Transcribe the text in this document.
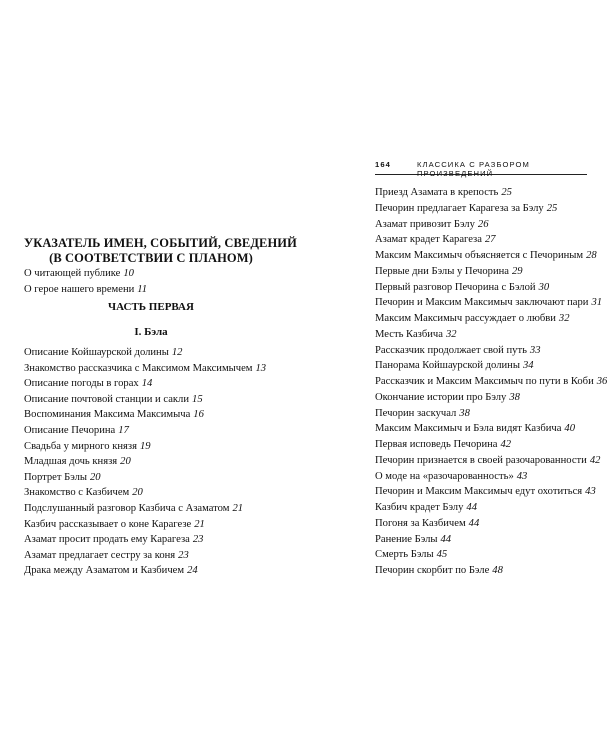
УКАЗАТЕЛЬ ИМЕН, СОБЫТИЙ, СВЕДЕНИЙ
(В СООТВЕТСТВИИ С ПЛАНОМ)
О читающей публике 10
О герое нашего времени 11
ЧАСТЬ ПЕРВАЯ
I. Бэла
Описание Койшаурской долины 12
Знакомство рассказчика с Максимом Максимычем 13
Описание погоды в горах 14
Описание почтовой станции и сакли 15
Воспоминания Максима Максимыча 16
Описание Печорина 17
Свадьба у мирного князя 19
Младшая дочь князя 20
Портрет Бэлы 20
Знакомство с Казбичем 20
Подслушанный разговор Казбича с Азаматом 21
Казбич рассказывает о коне Карагезе 21
Азамат просит продать ему Карагеза 23
Азамат предлагает сестру за коня 23
Драка между Азаматом и Казбичем 24
164	КЛАССИКА С РАЗБОРОМ ПРОИЗВЕДЕНИЙ
Приезд Азамата в крепость 25
Печорин предлагает Карагеза за Бэлу 25
Азамат привозит Бэлу 26
Азамат крадет Карагеза 27
Максим Максимыч объясняется с Печориным 28
Первые дни Бэлы у Печорина 29
Первый разговор Печорина с Бэлой 30
Печорин и Максим Максимыч заключают пари 31
Максим Максимыч рассуждает о любви 32
Месть Казбича 32
Рассказчик продолжает свой путь 33
Панорама Койшаурской долины 34
Рассказчик и Максим Максимыч по пути в Коби 36
Окончание истории про Бэлу 38
Печорин заскучал 38
Максим Максимыч и Бэла видят Казбича 40
Первая исповедь Печорина 42
Печорин признается в своей разочарованности 42
О моде на «разочарованность» 43
Печорин и Максим Максимыч едут охотиться 43
Казбич крадет Бэлу 44
Погоня за Казбичем 44
Ранение Бэлы 44
Смерть Бэлы 45
Печорин скорбит по Бэле 48
